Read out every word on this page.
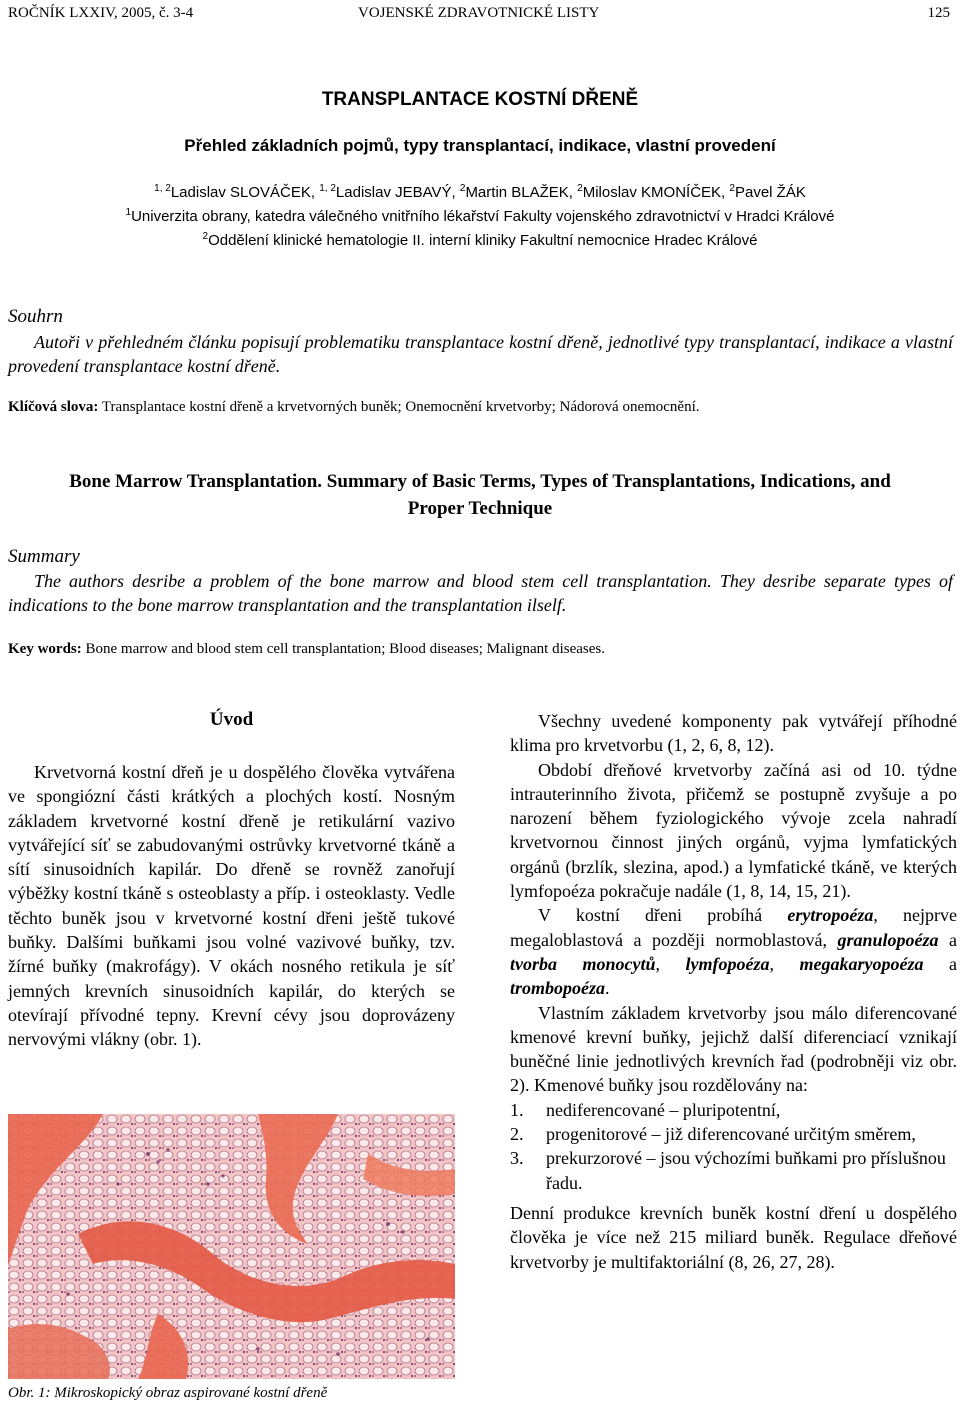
ROČNÍK LXXIV, 2005, č. 3-4	VOJENSKÉ ZDRAVOTNICKÉ LISTY	125
TRANSPLANTACE KOSTNÍ DŘENĚ
Přehled základních pojmů, typy transplantací, indikace, vlastní provedení
$^{1, 2}$Ladislav SLOVÁČEK, $^{1, 2}$Ladislav JEBAVÝ, $^2$Martin BLAŽEK, $^2$Miloslav KMONÍČEK, $^2$Pavel ŽÁK
$^1$Univerzita obrany, katedra válečného vnitřního lékařství Fakulty vojenského zdravotnictví v Hradci Králové
$^2$Oddělení klinické hematologie II. interní kliniky Fakultní nemocnice Hradec Králové
Souhrn
Autoři v přehledném článku popisují problematiku transplantace kostní dřeně, jednotlivé typy transplantací, indikace a vlastní provedení transplantace kostní dřeně.
Klíčová slova: Transplantace kostní dřeně a krvetvorných buněk; Onemocnění krvetvorby; Nádorová onemocnění.
Bone Marrow Transplantation. Summary of Basic Terms, Types of Transplantations, Indications, and
Proper Technique
Summary
The authors desribe a problem of the bone marrow and blood stem cell transplantation. They desribe separate types of indications to the bone marrow transplantation and the transplantation ilself.
Key words: Bone marrow and blood stem cell transplantation; Blood diseases; Malignant diseases.
Úvod

Krvetvorná kostní dřeň je u dospělého člověka vytvářena ve spongiózní části krátkých a plochých kostí. Nosným základem krvetvorné kostní dřeně je retikulární vazivo vytvářející síť se zabudovanými ostrůvky krvetvorné tkáně a sítí sinusoidních kapilár. Do dřeně se rovněž zanořují výběžky kostní tkáně s osteoblasty a příp. i osteoklasty. Vedle těchto buněk jsou v krvetvorné kostní dřeni ještě tukové buňky. Dalšími buňkami jsou volné vazivové buňky, tzv. žírné buňky (makrofágy). V okách nosného retikula je síť jemných krevních sinusoidních kapilár, do kterých se otevírají přívodné tepny. Krevní cévy jsou doprovázeny nervovými vlákny (obr. 1).

Obr. 1: Mikroskopický obraz aspirované kostní dřeně

Všechny uvedené komponenty pak vytvářejí příhodné klima pro krvetvorbu (1, 2, 6, 8, 12).

Období dřeňové krvetvorby začíná asi od 10. týdne intrauterinního života, přičemž se postupně zvyšuje a po narození během fyziologického vývoje zcela nahradí krvetvornou činnost jiných orgánů, vyjma lymfatických orgánů (brzlík, slezina, apod.) a lymfatické tkáně, ve kterých lymfopoéza pokračuje nadále (1, 8, 14, 15, 21).

V kostní dřeni probíhá erytropoéza, nejprve megaloblastová a později normoblastová, granulopoéza a tvorba monocytů, lymfopoéza, megakaryopoéza a trombopoéza.

Vlastním základem krvetvorby jsou málo diferencované kmenové krevní buňky, jejichž další diferenciací vznikají buněčné linie jednotlivých krevních řad (podrobněji viz obr. 2). Kmenové buňky jsou rozdělovány na:

1. nediferencované – pluripotentní,
2. progenitorové – již diferencované určitým směrem,
3. prekurzorové – jsou výchozími buňkami pro příslušnou řadu.

Denní produkce krevních buněk kostní dření u dospělého člověka je více než 215 miliard buněk. Regulace dřeňové krvetvorby je multifaktoriální (8, 26, 27, 28).
